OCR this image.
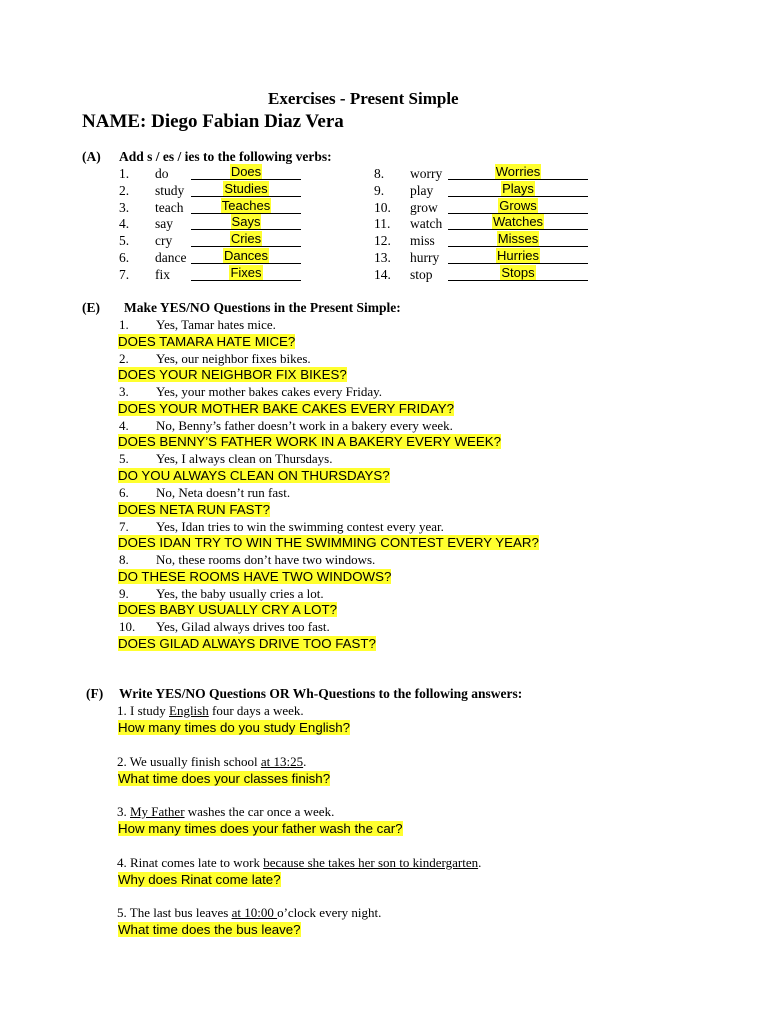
Exercises - Present Simple
NAME: Diego Fabian Diaz Vera
(A) Add s / es / ies to the following verbs:
1. do	Does
2. study	Studies
3. teach	Teaches
4. say	Says
5. cry	Cries
6. dance	Dances
7. fix	Fixes
8. worry	Worries
9. play	Plays
10. grow	Grows
11. watch	Watches
12. miss	Misses
13. hurry	Hurries
14. stop	Stops
(E) Make YES/NO Questions in the Present Simple:
1. Yes, Tamar hates mice.
DOES TAMARA HATE MICE?
2. Yes, our neighbor fixes bikes.
DOES YOUR NEIGHBOR FIX BIKES?
3. Yes, your mother bakes cakes every Friday.
DOES YOUR MOTHER BAKE CAKES EVERY FRIDAY?
4. No, Benny’s father doesn’t work in a bakery every week.
DOES BENNY’S FATHER WORK IN A BAKERY EVERY WEEK?
5. Yes, I always clean on Thursdays.
DO YOU ALWAYS CLEAN ON THURSDAYS?
6. No, Neta doesn’t run fast.
DOES NETA RUN FAST?
7. Yes, Idan tries to win the swimming contest every year.
DOES IDAN TRY TO WIN THE SWIMMING CONTEST EVERY YEAR?
8. No, these rooms don’t have two windows.
DO THESE ROOMS HAVE TWO WINDOWS?
9. Yes, the baby usually cries a lot.
DOES BABY USUALLY CRY A LOT?
10. Yes, Gilad always drives too fast.
DOES GILAD ALWAYS DRIVE TOO FAST?
(F) Write YES/NO Questions OR Wh-Questions to the following answers:
1. I study English four days a week.
How many times do you study English?
2. We usually finish school at 13:25.
What time does your classes finish?
3. My Father washes the car once a week.
How many times does your father wash the car?
4. Rinat comes late to work because she takes her son to kindergarten.
Why does Rinat come late?
5. The last bus leaves at 10:00 o’clock every night.
What time does the bus leave?
